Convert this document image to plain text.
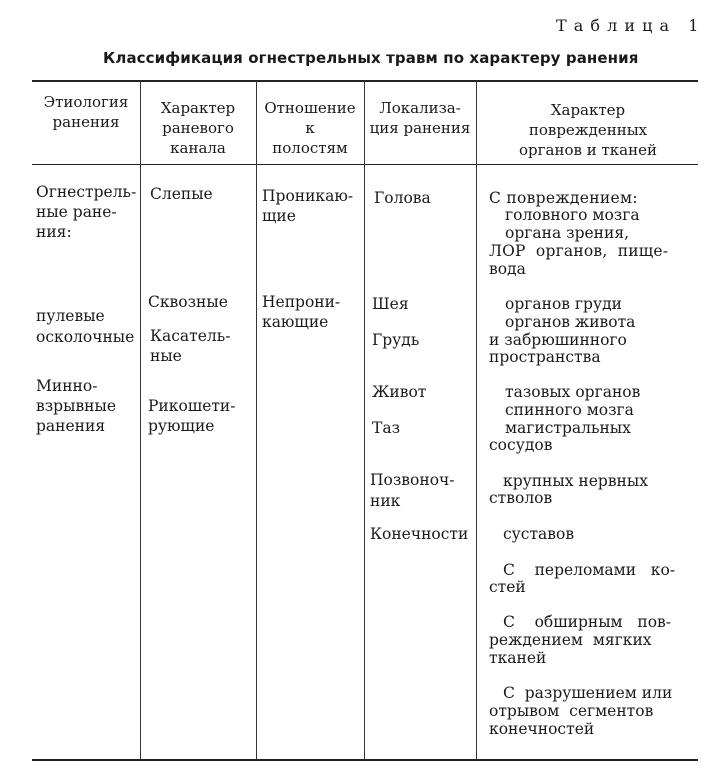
Т а б л и ц а   1
Классификация огнестрельных травм по характеру ранения
Этиология
ранения
Характер
раневого
канала
Отношение
к
полостям
Локализа-
ция ранения
Характер
поврежденных
органов и тканей
Огнестрель-
ные ране-
ния:
пулевые
осколочные
Минно-
взрывные
ранения
Слепые
Сквозные
Касатель-
ные
Рикошети-
рующие
Проникаю-
щие
Непрони-
кающие
Голова
Шея
Грудь
Живот
Таз
Позвоноч-
ник
Конечности
С повреждением:
головного мозга
органа зрения,
ЛОР  органов,  пище-
вода
органов груди
органов живота
и забрюшинного
пространства
тазовых органов
спинного мозга
магистральных
сосудов
крупных нервных
стволов
суставов
С    переломами   ко-
стей
С    обширным   пов-
реждением  мягких
тканей
С  разрушением или
отрывом  сегментов
конечностей
